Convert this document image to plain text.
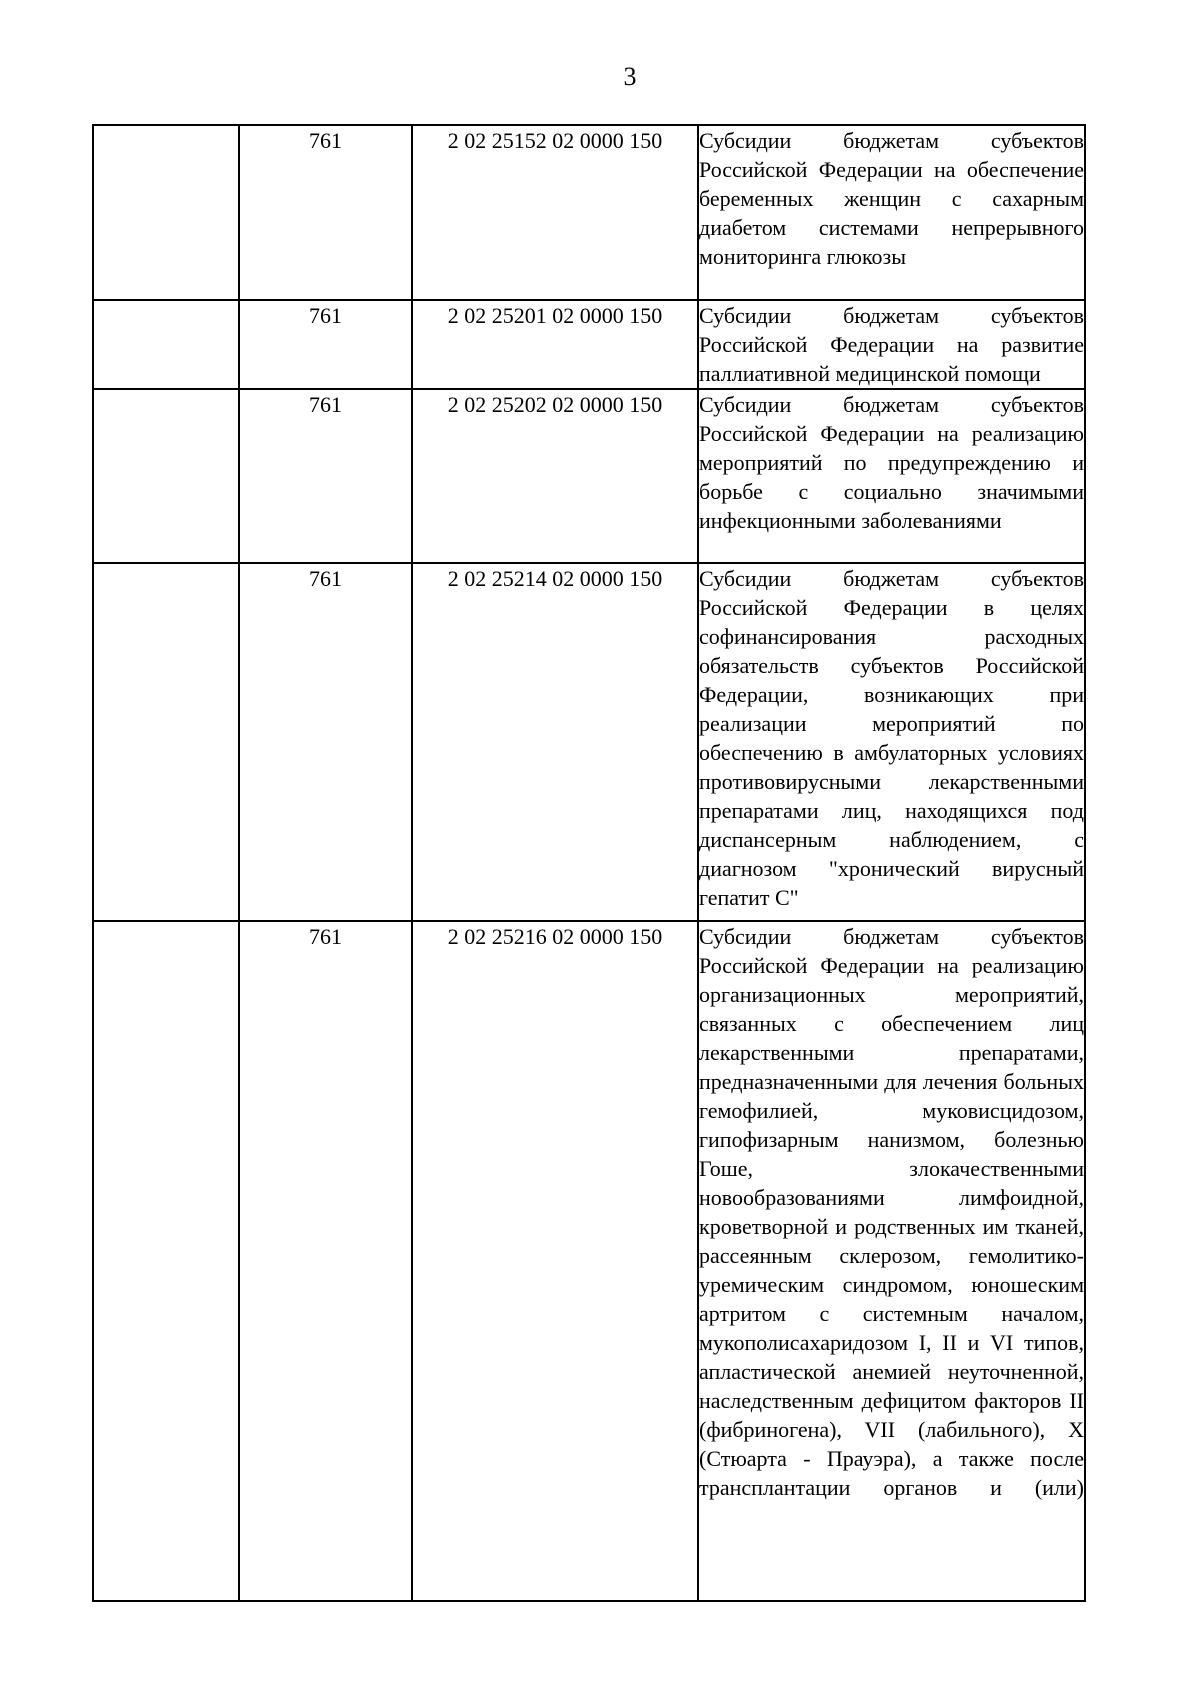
3
	761	2 02 25152 02 0000 150	Субсидии бюджетам субъектов Российской Федерации на обеспечение беременных женщин с сахарным диабетом системами непрерывного мониторинга глюкозы

	761	2 02 25201 02 0000 150	Субсидии бюджетам субъектов Российской Федерации на развитие паллиативной медицинской помощи

	761	2 02 25202 02 0000 150	Субсидии бюджетам субъектов Российской Федерации на реализацию мероприятий по предупреждению и борьбе с социально значимыми инфекционными заболеваниями

	761	2 02 25214 02 0000 150	Субсидии бюджетам субъектов Российской Федерации в целях софинансирования расходных обязательств субъектов Российской Федерации, возникающих при реализации мероприятий по обеспечению в амбулаторных условиях противовирусными лекарственными препаратами лиц, находящихся под диспансерным наблюдением, с диагнозом "хронический вирусный гепатит С"

	761	2 02 25216 02 0000 150	Субсидии бюджетам субъектов Российской Федерации на реализацию организационных мероприятий, связанных с обеспечением лиц лекарственными препаратами, предназначенными для лечения больных гемофилией, муковисцидозом, гипофизарным нанизмом, болезнью Гоше, злокачественными новообразованиями лимфоидной, кроветворной и родственных им тканей, рассеянным склерозом, гемолитико-уремическим синдромом, юношеским артритом с системным началом, мукополисахаридозом I, II и VI типов, апластической анемией неуточненной, наследственным дефицитом факторов II (фибриногена), VII (лабильного), X (Стюарта - Прауэра), а также после трансплантации органов и (или)
